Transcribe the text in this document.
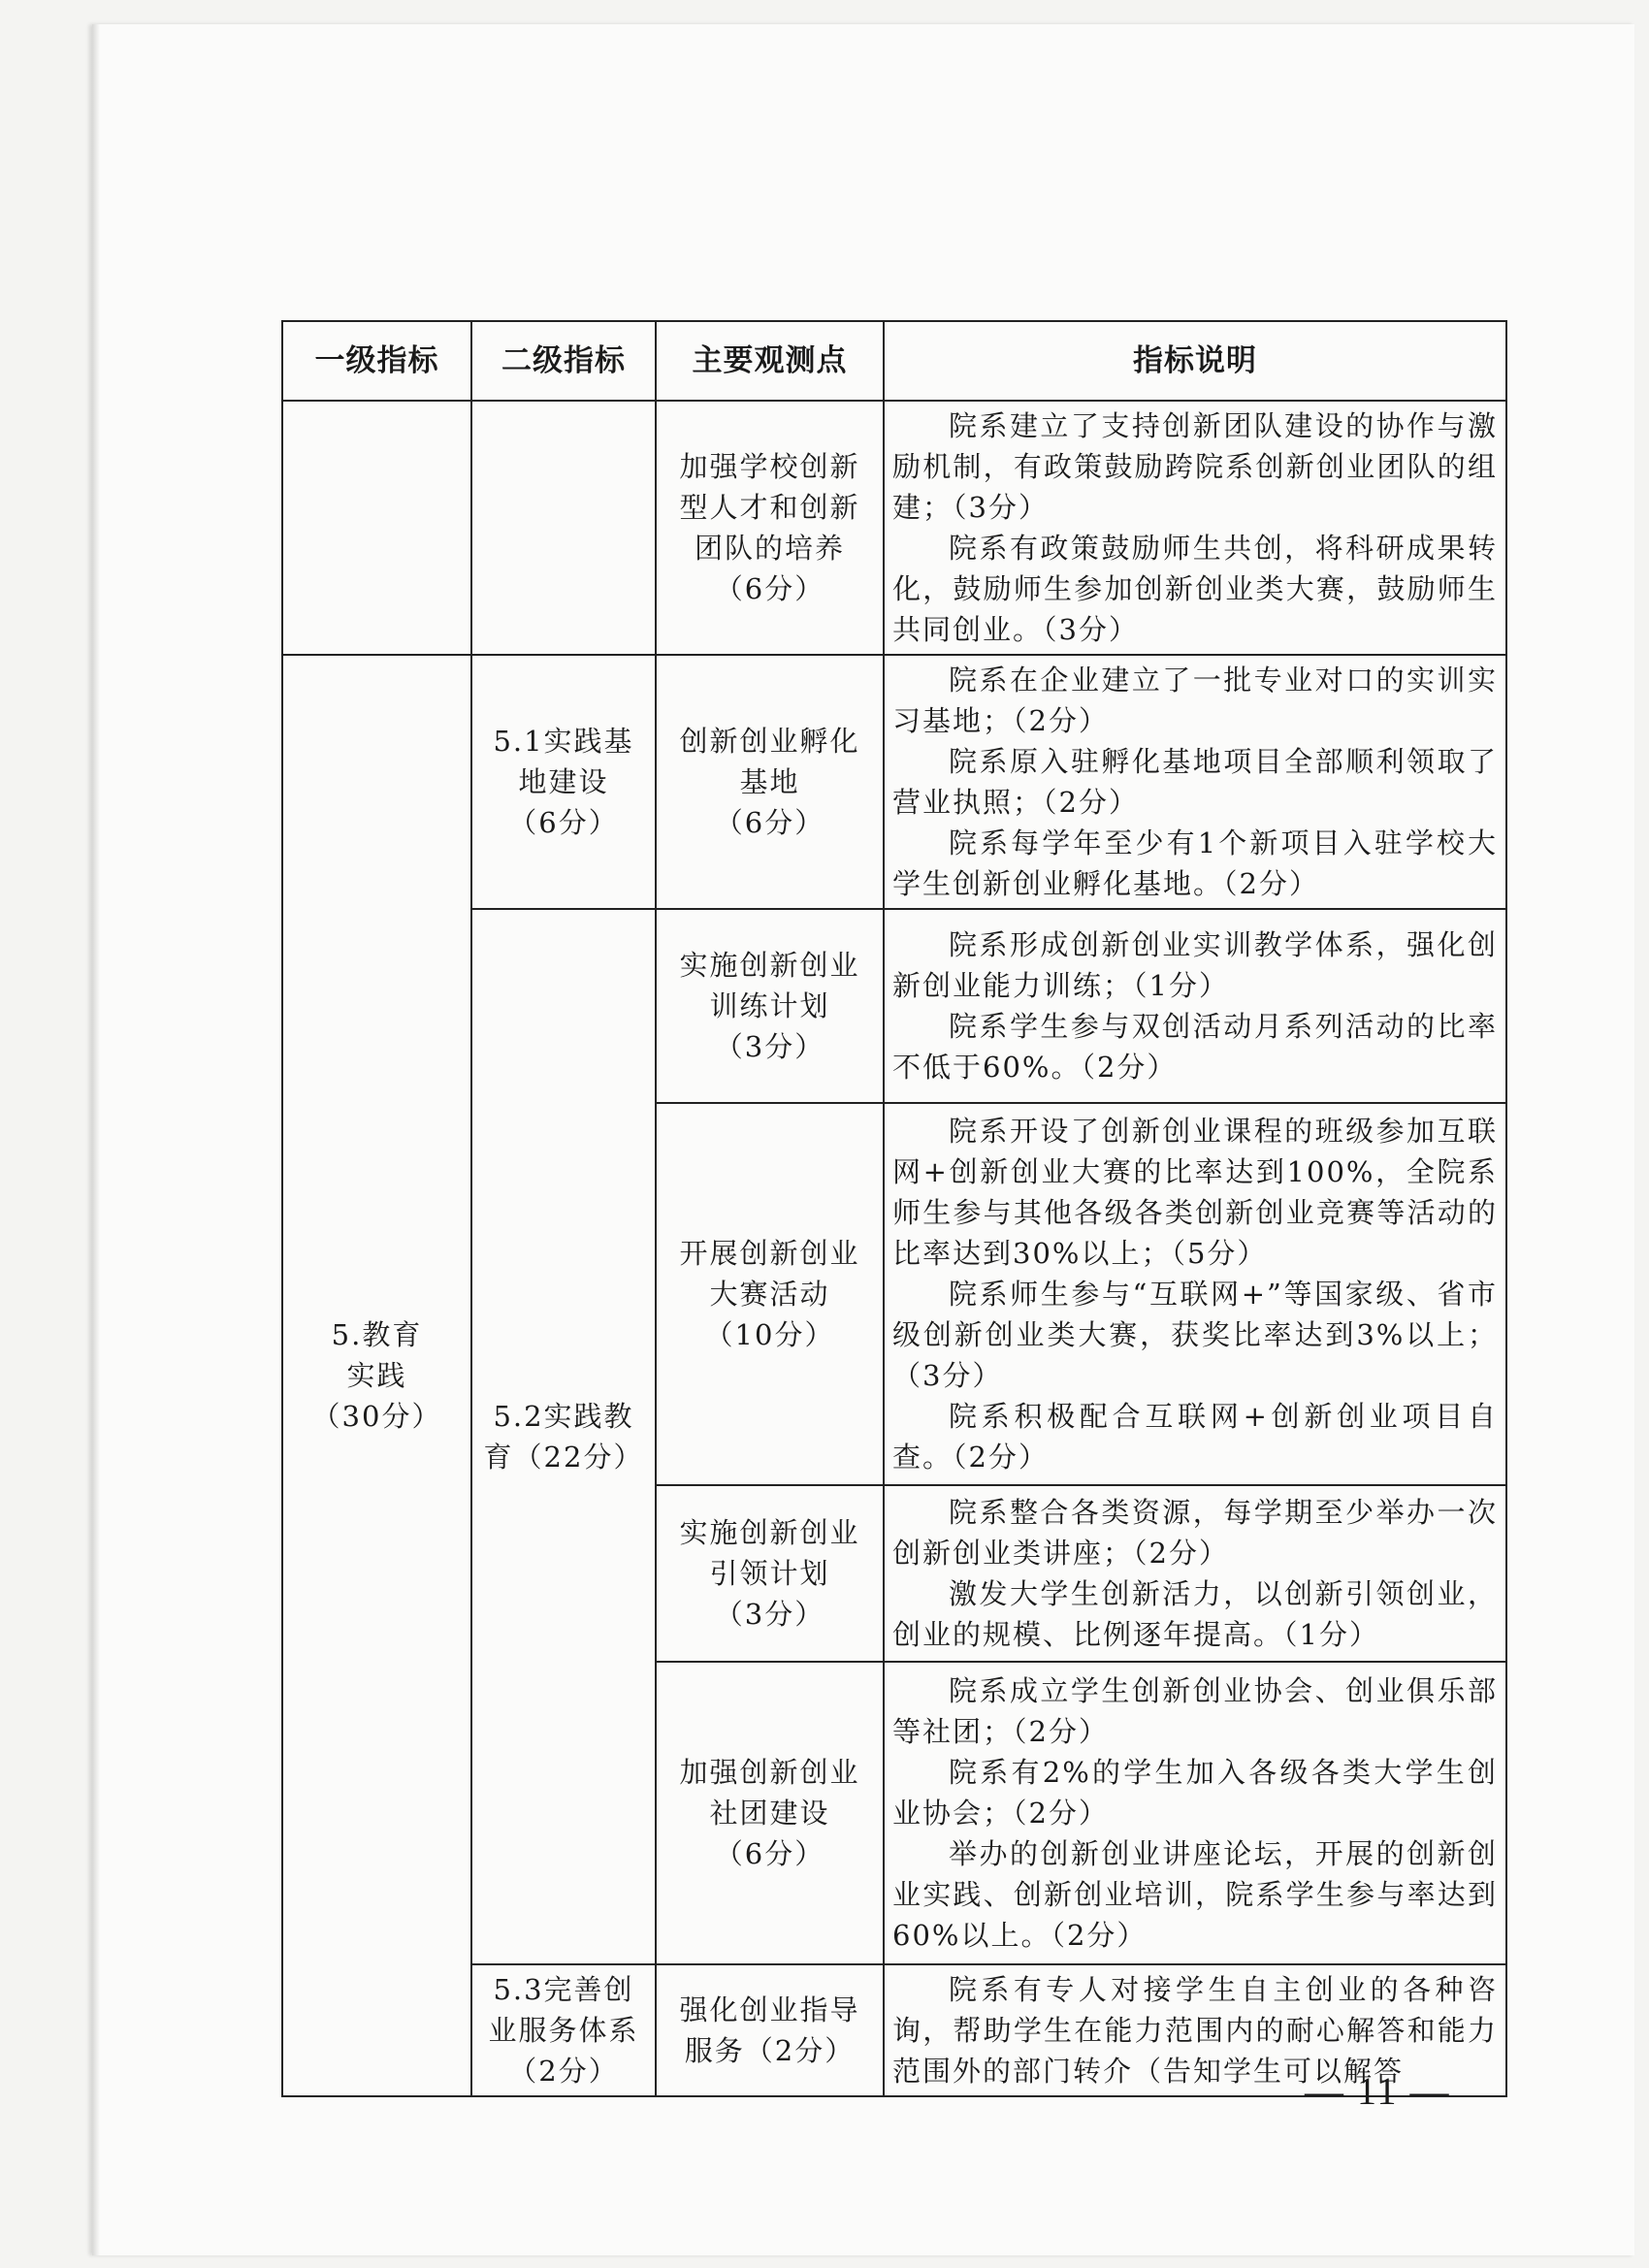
一级指标	二级指标	主要观测点	指标说明

		加强学校创新
型人才和创新
团队的培养
（6分）	院系建立了支持创新团队建设的协作与激励机制，有政策鼓励跨院系创新创业团队的组建；（3分）
院系有政策鼓励师生共创，将科研成果转化，鼓励师生参加创新创业类大赛，鼓励师生共同创业。（3分）

5.教育
实践
（30分）	5.1实践基
地建设
（6分）	创新创业孵化
基地
（6分）	院系在企业建立了一批专业对口的实训实习基地；（2分）
院系原入驻孵化基地项目全部顺利领取了营业执照；（2分）
院系每学年至少有1个新项目入驻学校大学生创新创业孵化基地。（2分）

	5.2实践教
育（22分）	实施创新创业
训练计划
（3分）	院系形成创新创业实训教学体系，强化创新创业能力训练；（1分）
院系学生参与双创活动月系列活动的比率不低于60%。（2分）

		开展创新创业
大赛活动
（10分）	院系开设了创新创业课程的班级参加互联网+创新创业大赛的比率达到100%，全院系师生参与其他各级各类创新创业竞赛等活动的比率达到30%以上；（5分）
院系师生参与“互联网+”等国家级、省市级创新创业类大赛，获奖比率达到3%以上；（3分）
院系积极配合互联网+创新创业项目自查。（2分）

		实施创新创业
引领计划
（3分）	院系整合各类资源，每学期至少举办一次创新创业类讲座；（2分）
激发大学生创新活力，以创新引领创业，创业的规模、比例逐年提高。（1分）

		加强创新创业
社团建设
（6分）	院系成立学生创新创业协会、创业俱乐部等社团；（2分）
院系有2%的学生加入各级各类大学生创业协会；（2分）
举办的创新创业讲座论坛，开展的创新创业实践、创新创业培训，院系学生参与率达到60%以上。（2分）

	5.3完善创
业服务体系
（2分）	强化创业指导
服务（2分）	院系有专人对接学生自主创业的各种咨询，帮助学生在能力范围内的耐心解答和能力范围外的部门转介（告知学生可以解答
— 11 —
